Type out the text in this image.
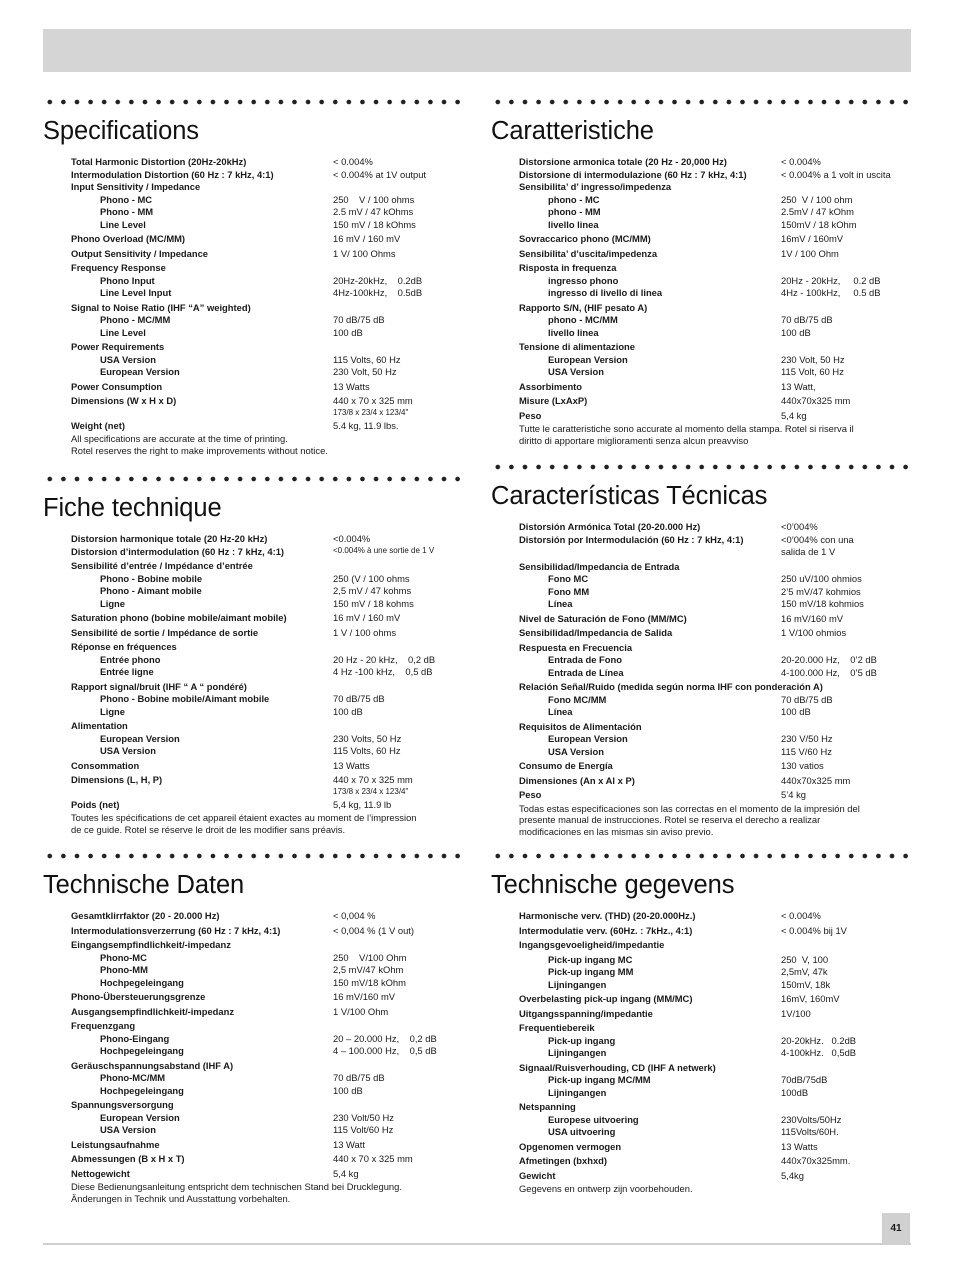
Specifications
Total Harmonic Distortion (20Hz-20kHz)	< 0.004%
Intermodulation Distortion (60 Hz : 7 kHz, 4:1)	< 0.004% at 1V output
Input Sensitivity / Impedance
Phono - MC	250    V / 100 ohms
Phono - MM	2.5 mV / 47 kOhms
Line Level	150 mV / 18 kOhms
Phono Overload (MC/MM)	16 mV / 160 mV
Output Sensitivity / Impedance	1 V/ 100 Ohms
Frequency Response
Phono Input	20Hz-20kHz,    0.2dB
Line Level Input	4Hz-100kHz,    0.5dB
Signal to Noise Ratio (IHF “A” weighted)
Phono - MC/MM	70 dB/75 dB
Line Level	100 dB
Power Requirements
USA Version	115 Volts, 60 Hz
European Version	230 Volt, 50 Hz
Power Consumption	13 Watts
Dimensions (W x H x D)	440 x 70 x 325 mm
173/8 x 23/4 x 123/4"
Weight (net)	5.4 kg, 11.9 lbs.
All specifications are accurate at the time of printing.
Rotel reserves the right to make improvements without notice.
Caratteristiche
Distorsione armonica totale (20 Hz - 20,000 Hz)	< 0.004%
Distorsione di intermodulazione (60 Hz : 7 kHz, 4:1)	< 0.004% a 1 volt in uscita
Sensibilita’ d’ ingresso/impedenza
phono - MC	250  V / 100 ohm
phono - MM	2.5mV / 47 kOhm
livello linea	150mV / 18 kOhm
Sovraccarico phono (MC/MM)	16mV / 160mV
Sensibilita’ d’uscita/impedenza	1V / 100 Ohm
Risposta in frequenza
ingresso phono	20Hz - 20kHz,     0.2 dB
ingresso di livello di linea	4Hz - 100kHz,     0.5 dB
Rapporto S/N, (HIF pesato A)
phono - MC/MM	70 dB/75 dB
livello linea	100 dB
Tensione di alimentazione
European Version	230 Volt, 50 Hz
USA Version	115 Volt, 60 Hz
Assorbimento	13 Watt,
Misure (LxAxP)	440x70x325 mm
Peso	5,4 kg
Tutte le caratteristiche sono accurate al momento della stampa. Rotel si riserva il
diritto di apportare miglioramenti senza alcun preavviso
Fiche technique
Distorsion harmonique totale (20 Hz-20 kHz)	<0.004%
Distorsion d’intermodulation (60 Hz : 7 kHz, 4:1)	<0.004% à une sortie de 1 V
Sensibilité d’entrée / Impédance d’entrée
Phono - Bobine mobile	250 (V / 100 ohms
Phono - Aimant mobile	2,5 mV / 47 kohms
Ligne	150 mV / 18 kohms
Saturation phono (bobine mobile/aimant mobile)	16 mV / 160 mV
Sensibilité de sortie / Impédance de sortie	1 V / 100 ohms
Réponse en fréquences
Entrée phono	20 Hz - 20 kHz,    0,2 dB
Entrée ligne	4 Hz -100 kHz,    0,5 dB
Rapport signal/bruit (IHF “ A “ pondéré)
Phono - Bobine mobile/Aimant mobile	70 dB/75 dB
Ligne	100 dB
Alimentation
European Version	230 Volts, 50 Hz
USA Version	115 Volts, 60 Hz
Consommation	13 Watts
Dimensions (L, H, P)	440 x 70 x 325 mm
173/8 x 23/4 x 123/4"
Poids (net)	5,4 kg, 11.9 lb
Toutes les spécifications de cet appareil étaient exactes au moment de l’impression
de ce guide. Rotel se réserve le droit de les modifier sans préavis.
Características Técnicas
Distorsión Armónica Total (20-20.000 Hz)	<0’004%
Distorsión por Intermodulación (60 Hz : 7 kHz, 4:1)	<0’004% con una
salida de 1 V
Sensibilidad/Impedancia de Entrada
Fono MC	250 uV/100 ohmios
Fono MM	2’5 mV/47 kohmios
Línea	150 mV/18 kohmios
Nivel de Saturación de Fono (MM/MC)	16 mV/160 mV
Sensibilidad/Impedancia de Salida	1 V/100 ohmios
Respuesta en Frecuencia
Entrada de Fono	20-20.000 Hz,    0’2 dB
Entrada de Línea	4-100.000 Hz,    0’5 dB
Relación Señal/Ruido (medida según norma IHF con ponderación A)
Fono MC/MM	70 dB/75 dB
Línea	100 dB
Requisitos de Alimentación
European Version	230 V/50 Hz
USA Version	115 V/60 Hz
Consumo de Energía	130 vatios
Dimensiones (An x Al x P)	440x70x325 mm
Peso	5’4 kg
Todas estas especificaciones son las correctas en el momento de la impresión del
presente manual de instrucciones. Rotel se reserva el derecho a realizar
modificaciones en las mismas sin aviso previo.
Technische Daten
Gesamtklirrfaktor (20 - 20.000 Hz)	< 0,004 %
Intermodulationsverzerrung (60 Hz : 7 kHz, 4:1)	< 0,004 % (1 V out)
Eingangsempfindlichkeit/-impedanz
Phono-MC	250    V/100 Ohm
Phono-MM	2,5 mV/47 kOhm
Hochpegeleingang	150 mV/18 kOhm
Phono-Übersteuerungsgrenze	16 mV/160 mV
Ausgangsempfindlichkeit/-impedanz	1 V/100 Ohm
Frequenzgang
Phono-Eingang	20 – 20.000 Hz,    0,2 dB
Hochpegeleingang	4 – 100.000 Hz,    0,5 dB
Geräuschspannungsabstand (IHF A)
Phono-MC/MM	70 dB/75 dB
Hochpegeleingang	100 dB
Spannungsversorgung
European Version	230 Volt/50 Hz
USA Version	115 Volt/60 Hz
Leistungsaufnahme	13 Watt
Abmessungen (B x H x T)	440 x 70 x 325 mm
Nettogewicht	5,4 kg
Diese Bedienungsanleitung entspricht dem technischen Stand bei Drucklegung.
Änderungen in Technik und Ausstattung vorbehalten.
Technische gegevens
Harmonische verv. (THD) (20-20.000Hz.)	< 0.004%
Intermodulatie verv. (60Hz. : 7kHz., 4:1)	< 0.004% bij 1V
Ingangsgevoeligheid/impedantie
Pick-up ingang MC	250  V, 100
Pick-up ingang MM	2,5mV, 47k
Lijningangen	150mV, 18k
Overbelasting pick-up ingang (MM/MC)	16mV, 160mV
Uitgangsspanning/impedantie	1V/100
Frequentiebereik
Pick-up ingang	20-20kHz.   0.2dB
Lijningangen	4-100kHz.   0,5dB
Signaal/Ruisverhouding, CD (IHF A netwerk)
Pick-up ingang MC/MM	70dB/75dB
Lijningangen	100dB
Netspanning
Europese uitvoering	230Volts/50Hz
USA uitvoering	115Volts/60H.
Opgenomen vermogen	13 Watts
Afmetingen (bxhxd)	440x70x325mm.
Gewicht	5,4kg
Gegevens en ontwerp zijn voorbehouden.
41
